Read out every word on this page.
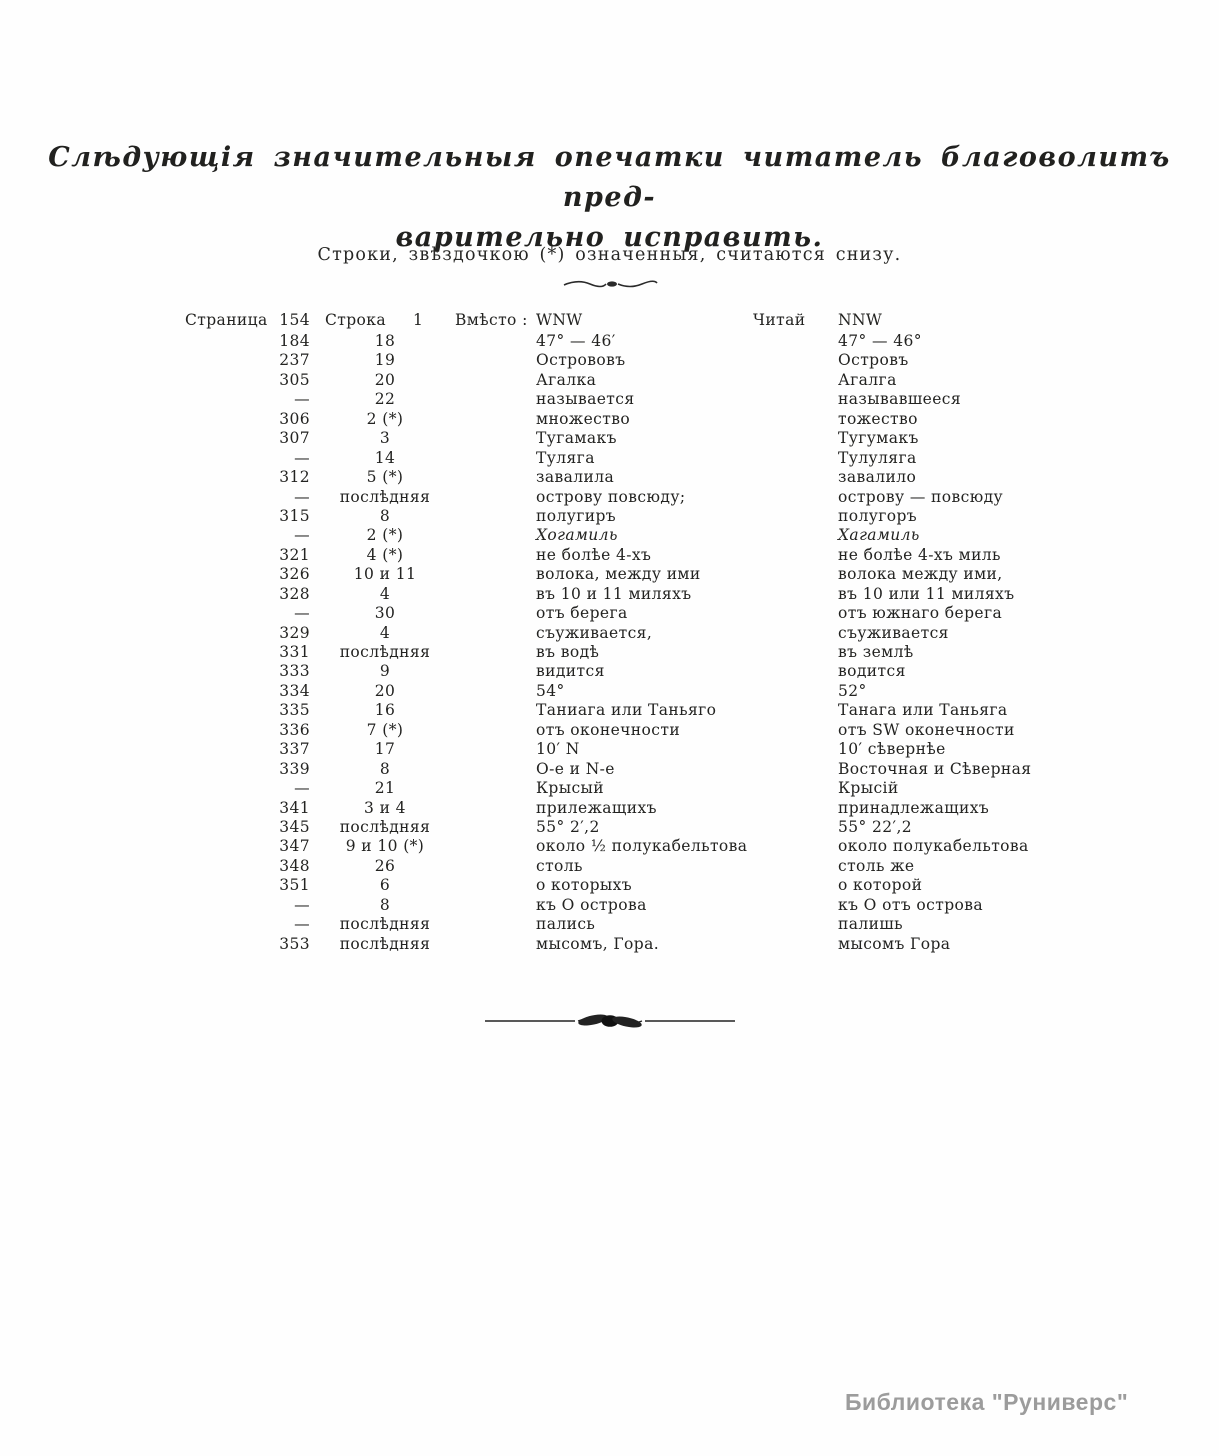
Слѣдующія значительныя опечатки читатель благоволитъ пред-
варительно исправить.
Строки, звѣздочкою (*) означенныя, считаются снизу.
Страница 154 Строка 1 Вмѣсто : WNW	Читай NNW
184	18	47° — 46′	47° — 46°
237	19	Острововъ	Островъ
305	20	Агалка	Агалга
—	22	называется	называвшееся
306	2 (*)	множество	тожество
307	3	Тугамакъ	Тугумакъ
—	14	Туляга	Тулуляга
312	5 (*)	завалила	завалило
—	послѣдняя	острову повсюду;	острову — повсюду
315	8	полугиръ	полугоръ
—	2 (*)	Хогамиль	Хагамиль
321	4 (*)	не болѣе 4-хъ	не болѣе 4-хъ миль
326	10 и 11	волока, между ими	волока между ими,
328	4	въ 10 и 11 миляхъ	въ 10 или 11 миляхъ
—	30	отъ берега	отъ южнаго берега
329	4	съуживается,	съуживается
331	послѣдняя	въ водѣ	въ землѣ
333	9	видится	водится
334	20	54°	52°
335	16	Таниага или Таньяго	Танага или Таньяга
336	7 (*)	отъ оконечности	отъ SW оконечности
337	17	10′ N	10′ сѣвернѣе
339	8	О-е и N-е	Восточная и Сѣверная
—	21	Крысый	Крысій
341	3 и 4	прилежащихъ	принадлежащихъ
345	послѣдняя	55° 2′,2	55° 22′,2
347	9 и 10 (*)	около ½ полукабельтова	около полукабельтова
348	26	столь	столь же
351	6	о которыхъ	о которой
—	8	къ О острова	къ О отъ острова
—	послѣдняя	пались	палишь
353	послѣдняя	мысомъ, Гора.	мысомъ Гора
Библиотека "Руниверс"
